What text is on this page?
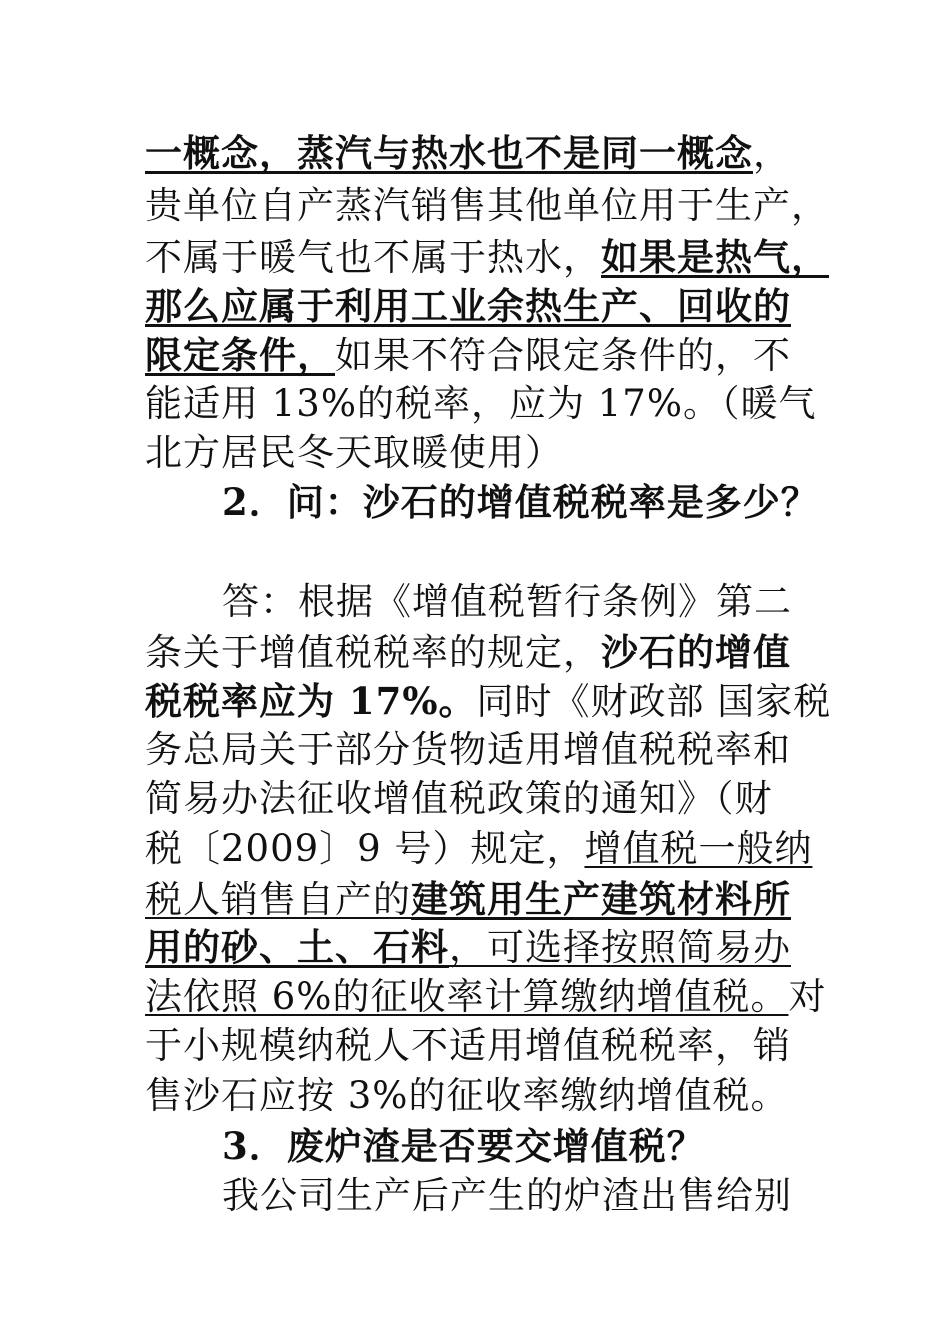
一概念，蒸汽与热水也不是同一概念，
贵单位自产蒸汽销售其他单位用于生产，
不属于暖气也不属于热水，如果是热气，
那么应属于利用工业余热生产、回收的
限定条件，如果不符合限定条件的，不
能适用 13%的税率，应为 17%。（暖气
北方居民冬天取暖使用）
2．问：沙石的增值税税率是多少？
答：根据《增值税暂行条例》第二
条关于增值税税率的规定，沙石的增值
税税率应为 17%。同时《财政部 国家税
务总局关于部分货物适用增值税税率和
简易办法征收增值税政策的通知》（财
税〔2009〕9 号）规定，增值税一般纳
税人销售自产的建筑用生产建筑材料所
用的砂、土、石料，可选择按照简易办
法依照 6%的征收率计算缴纳增值税。对
于小规模纳税人不适用增值税税率，销
售沙石应按 3%的征收率缴纳增值税。
3．废炉渣是否要交增值税？
我公司生产后产生的炉渣出售给别
